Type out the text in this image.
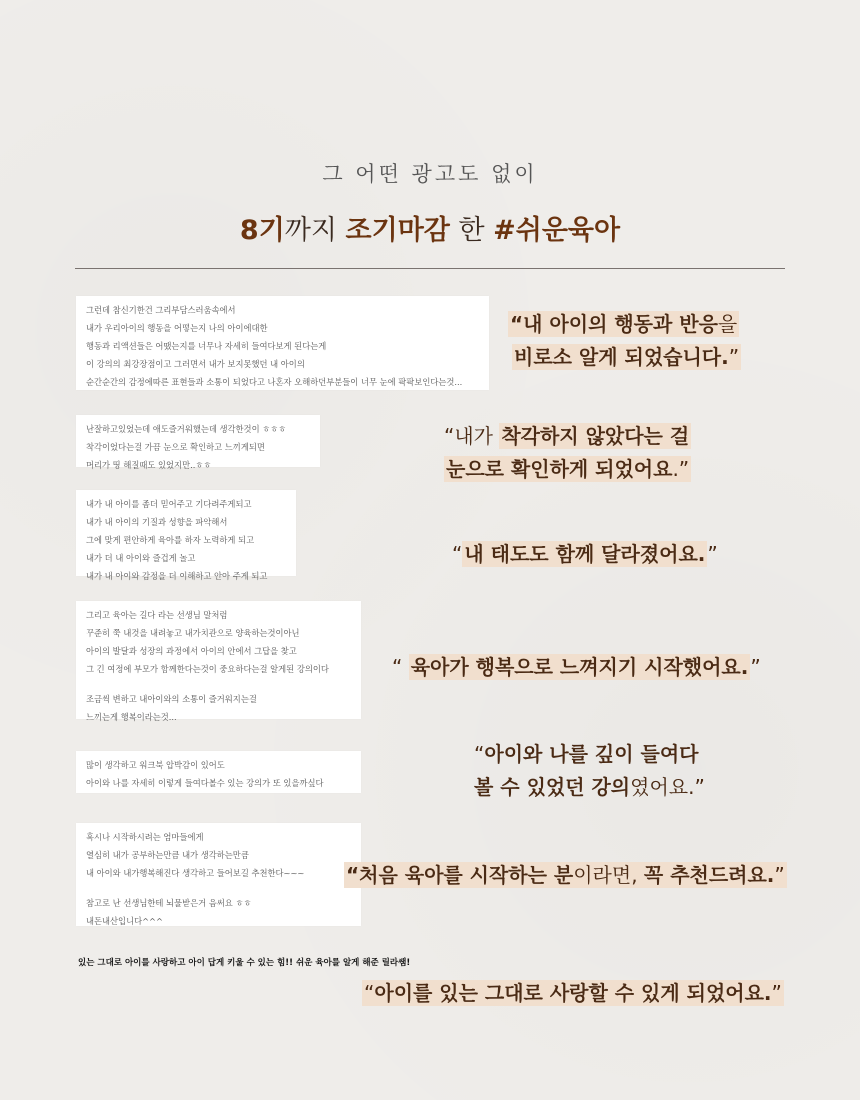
그 어떤 광고도 없이
8기까지 조기마감 한 #쉬운육아
그런데 참신기한건 그리부담스러움속에서
내가 우리아이의 행동을 어떻는지 나의 아이에대한
행동과 리액션들은 어땠는지를 너무나 자세히 들여다보게 된다는게
이 강의의 최강장점이고 그러면서 내가 보지못했던 내 아이의
순간순간의 감정에따른 표현들과 소통이 되었다고 나혼자 오해하던부분들이 너무 눈에 팍팍보인다는것...
“내 아이의 행동과 반응을
비로소 알게 되었습니다.”
난잘하고있었는데 애도즐거워했는데 생각한것이 ㅎㅎㅎ
착각이었다는걸 가끔 눈으로 확인하고 느끼게되면
머리가 띵 해질때도 있었지만..ㅎㅎ
“내가 착각하지 않았다는 걸
눈으로 확인하게 되었어요.”
내가 내 아이를 좀더 믿어주고 기다려주게되고
내가 내 아이의 기질과 성향을 파악해서
그에 맞게 편안하게 육아를 하자 노력하게 되고
내가 더 내 아이와 즐겁게 놀고
내가 내 아이와 감정을 더 이해하고 안아 주게 되고
“ 내 태도도 함께 달라졌어요. ”
그리고 육아는 길다 라는 선생님 말처럼
꾸준히 쭉 내것을 내려놓고 내가치관으로 양육하는것이아닌
아이의 발달과 성장의 과정에서 아이의 안에서 그답을 찾고
그 긴 여정에 부모가 함께한다는것이 중요하다는걸 알게된 강의이다
조금씩 변하고 내아이와의 소통이 즐거워지는걸
느끼는게 행복이라는것...
“ 육아가 행복으로 느껴지기 시작했어요. ”
많이 생각하고 워크북 압박감이 있어도
아이와 나를 자세히 이렇게 들여다볼수 있는 강의가 또 있을까싶다
“아이와 나를 깊이 들여다
볼 수 있었던 강의였어요.”
혹시나 시작하시려는 엄마들에게
열심히 내가 공부하는만큼 내가 생각하는만큼
내 아이와 내가행복해진다 생각하고 들어보길 추천한다~~~
참고로 난 선생님한테 뇌물받은거 음써요 ㅎㅎ
내돈내산입니다^^^
“처음 육아를 시작하는 분이라면, 꼭 추천드려요.”
있는 그대로 아이를 사랑하고 아이 답게 키울 수 있는 힘!! 쉬운 육아를 알게 해준 릴라쌤!
“아이를 있는 그대로 사랑할 수 있게 되었어요.”
